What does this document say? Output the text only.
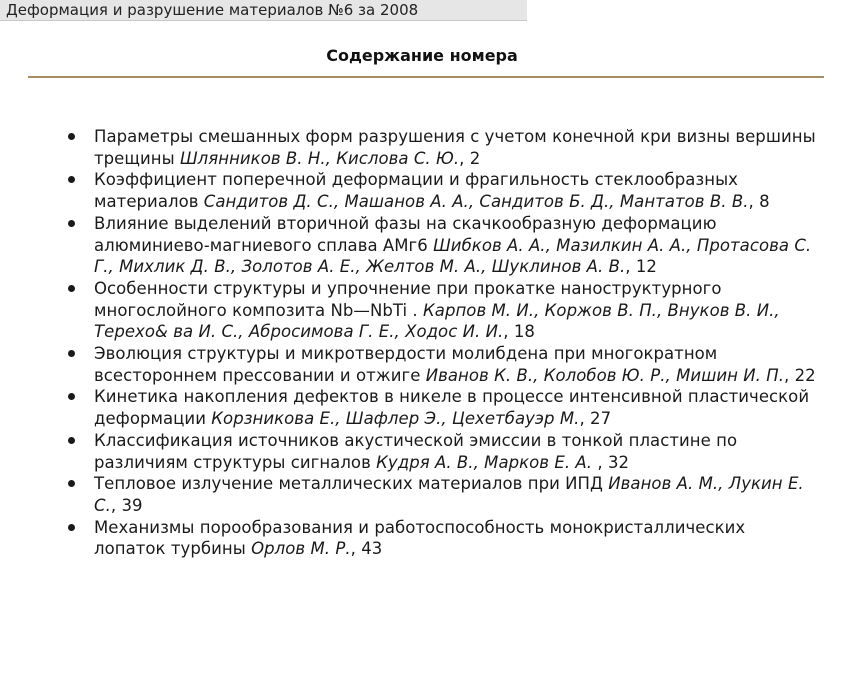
Деформация и разрушение материалов №6 за 2008
Содержание номера
Параметры смешанных форм разрушения с учетом конечной кри визны вершины трещины Шлянников В. Н., Кислова С. Ю., 2
Коэффициент поперечной деформации и фрагильность стеклообразных материалов Сандитов Д. С., Машанов А. А., Сандитов Б. Д., Мантатов В. В., 8
Влияние выделений вторичной фазы на скачкообразную деформацию алюминиево-магниевого сплава АМг6 Шибков А. А., Мазилкин А. А., Протасова С. Г., Михлик Д. В., Золотов А. Е., Желтов М. А., Шуклинов А. В., 12
Особенности структуры и упрочнение при прокатке наноструктурного многослойного композита Nb—NbTi . Карпов М. И., Коржов В. П., Внуков В. И., Терехо& ва И. С., Абросимова Г. Е., Ходос И. И., 18
Эволюция структуры и микротвердости молибдена при многократном всестороннем прессовании и отжиге Иванов К. В., Колобов Ю. Р., Мишин И. П., 22
Кинетика накопления дефектов в никеле в процессе интенсивной пластической деформации Корзникова Е., Шафлер Э., Цехетбауэр М., 27
Классификация источников акустической эмиссии в тонкой пластине по различиям структуры сигналов Кудря А. В., Марков Е. А. , 32
Тепловое излучение металлических материалов при ИПД Иванов А. М., Лукин Е. С., 39
Механизмы порообразования и работоспособность монокристаллических лопаток турбины Орлов М. Р., 43
